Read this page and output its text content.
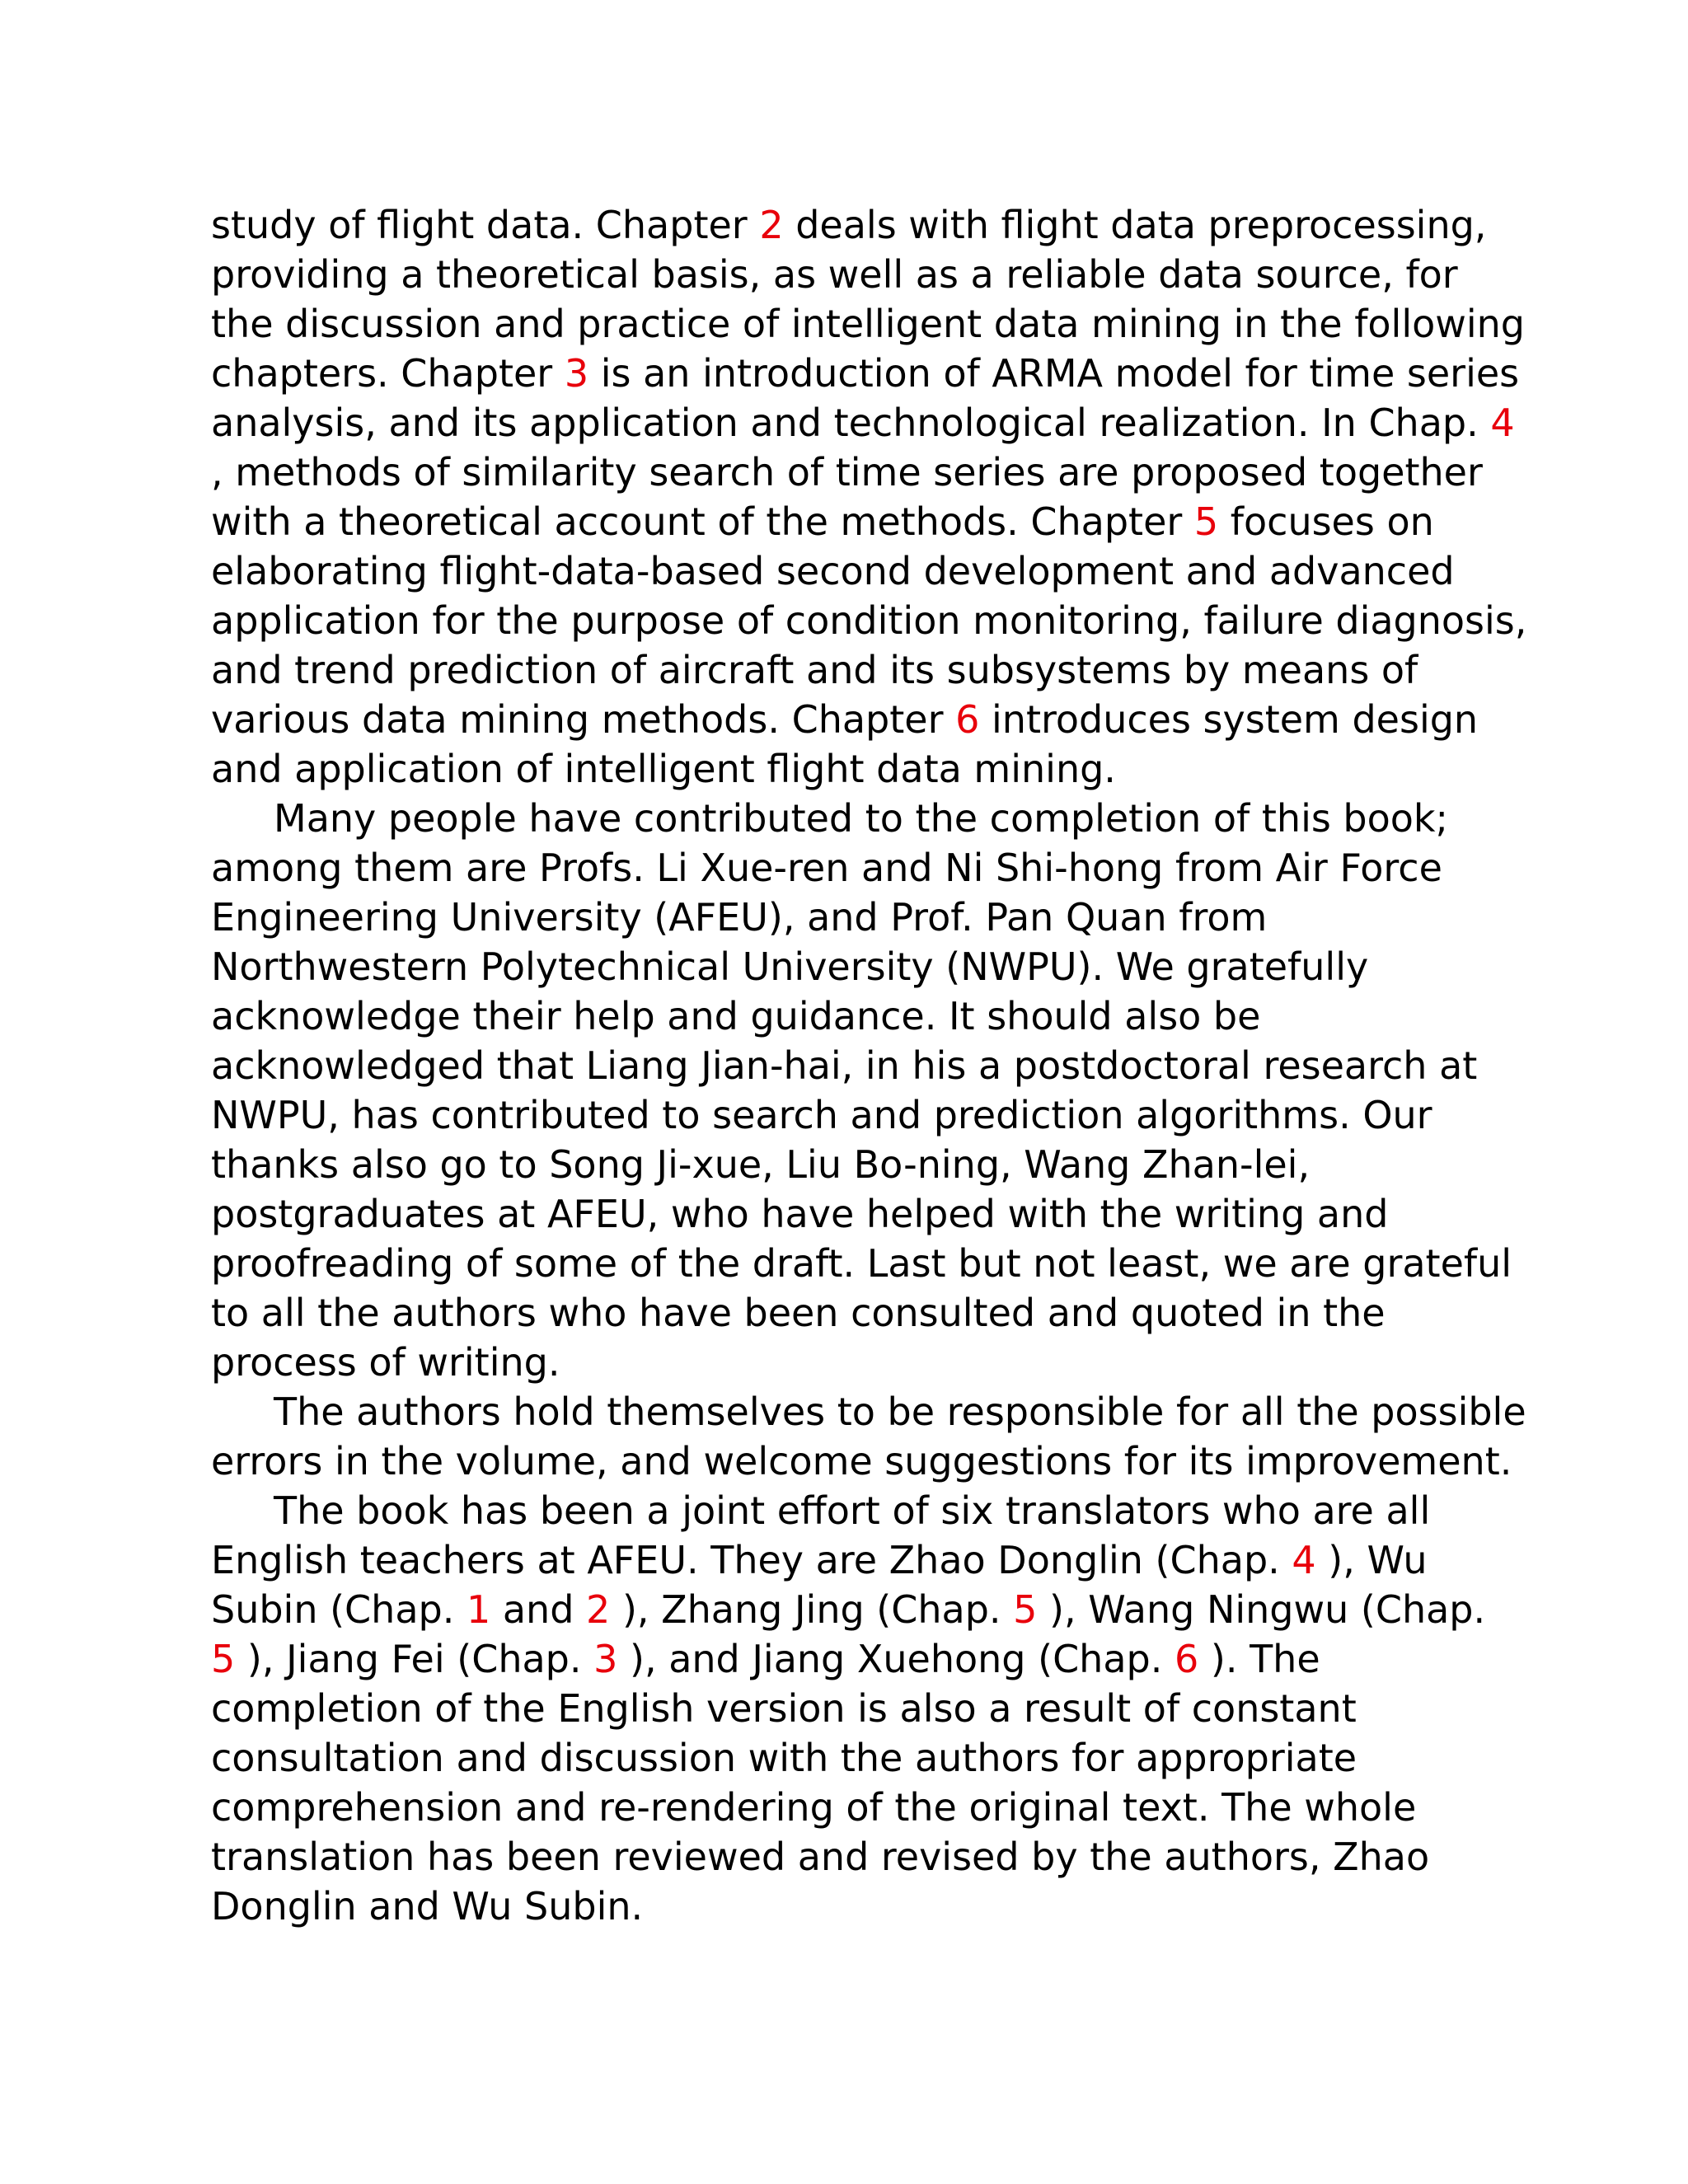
study of flight data. Chapter 2 deals with flight data preprocessing,
providing a theoretical basis, as well as a reliable data source, for
the discussion and practice of intelligent data mining in the following
chapters. Chapter 3 is an introduction of ARMA model for time series
analysis, and its application and technological realization. In Chap. 4
, methods of similarity search of time series are proposed together
with a theoretical account of the methods. Chapter 5 focuses on
elaborating flight-data-based second development and advanced
application for the purpose of condition monitoring, failure diagnosis,
and trend prediction of aircraft and its subsystems by means of
various data mining methods. Chapter 6 introduces system design
and application of intelligent flight data mining.
Many people have contributed to the completion of this book;
among them are Profs. Li Xue-ren and Ni Shi-hong from Air Force
Engineering University (AFEU), and Prof. Pan Quan from
Northwestern Polytechnical University (NWPU). We gratefully
acknowledge their help and guidance. It should also be
acknowledged that Liang Jian-hai, in his a postdoctoral research at
NWPU, has contributed to search and prediction algorithms. Our
thanks also go to Song Ji-xue, Liu Bo-ning, Wang Zhan-lei,
postgraduates at AFEU, who have helped with the writing and
proofreading of some of the draft. Last but not least, we are grateful
to all the authors who have been consulted and quoted in the
process of writing.
The authors hold themselves to be responsible for all the possible
errors in the volume, and welcome suggestions for its improvement.
The book has been a joint effort of six translators who are all
English teachers at AFEU. They are Zhao Donglin (Chap. 4 ), Wu
Subin (Chap. 1 and 2 ), Zhang Jing (Chap. 5 ), Wang Ningwu (Chap.
5 ), Jiang Fei (Chap. 3 ), and Jiang Xuehong (Chap. 6 ). The
completion of the English version is also a result of constant
consultation and discussion with the authors for appropriate
comprehension and re-rendering of the original text. The whole
translation has been reviewed and revised by the authors, Zhao
Donglin and Wu Subin.
